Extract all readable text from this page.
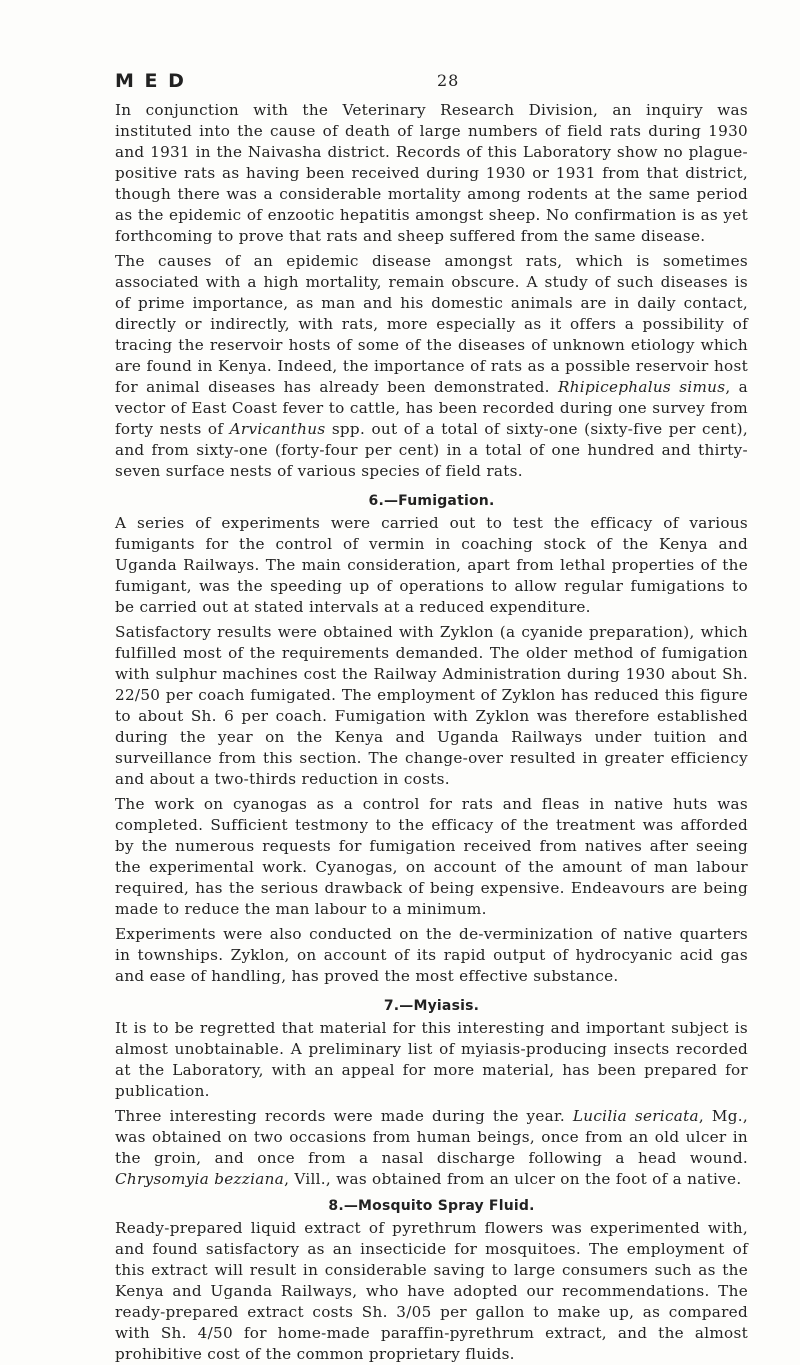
M E D	28

In conjunction with the Veterinary Research Division, an inquiry was instituted into the cause of death of large numbers of field rats during 1930 and 1931 in the Naivasha district. Records of this Laboratory show no plague-positive rats as having been received during 1930 or 1931 from that district, though there was a considerable mortality among rodents at the same period as the epidemic of enzootic hepatitis amongst sheep. No confirmation is as yet forthcoming to prove that rats and sheep suffered from the same disease.

The causes of an epidemic disease amongst rats, which is sometimes associated with a high mortality, remain obscure. A study of such diseases is of prime importance, as man and his domestic animals are in daily contact, directly or indirectly, with rats, more especially as it offers a possibility of tracing the reservoir hosts of some of the diseases of unknown etiology which are found in Kenya. Indeed, the importance of rats as a possible reservoir host for animal diseases has already been demonstrated. Rhipicephalus simus, a vector of East Coast fever to cattle, has been recorded during one survey from forty nests of Arvicanthus spp. out of a total of sixty-one (sixty-five per cent), and from sixty-one (forty-four per cent) in a total of one hundred and thirty-seven surface nests of various species of field rats.

6.—Fumigation.

A series of experiments were carried out to test the efficacy of various fumigants for the control of vermin in coaching stock of the Kenya and Uganda Railways. The main consideration, apart from lethal properties of the fumigant, was the speeding up of operations to allow regular fumigations to be carried out at stated intervals at a reduced expenditure.

Satisfactory results were obtained with Zyklon (a cyanide preparation), which fulfilled most of the requirements demanded. The older method of fumigation with sulphur machines cost the Railway Administration during 1930 about Sh. 22/50 per coach fumigated. The employment of Zyklon has reduced this figure to about Sh. 6 per coach. Fumigation with Zyklon was therefore established during the year on the Kenya and Uganda Railways under tuition and surveillance from this section. The change-over resulted in greater efficiency and about a two-thirds reduction in costs.

The work on cyanogas as a control for rats and fleas in native huts was completed. Sufficient testmony to the efficacy of the treatment was afforded by the numerous requests for fumigation received from natives after seeing the experimental work. Cyanogas, on account of the amount of man labour required, has the serious drawback of being expensive. Endeavours are being made to reduce the man labour to a minimum.

Experiments were also conducted on the de-verminization of native quarters in townships. Zyklon, on account of its rapid output of hydrocyanic acid gas and ease of handling, has proved the most effective substance.

7.—Myiasis.

It is to be regretted that material for this interesting and important subject is almost unobtainable. A preliminary list of myiasis-producing insects recorded at the Laboratory, with an appeal for more material, has been prepared for publication.

Three interesting records were made during the year. Lucilia sericata, Mg., was obtained on two occasions from human beings, once from an old ulcer in the groin, and once from a nasal discharge following a head wound. Chrysomyia bezziana, Vill., was obtained from an ulcer on the foot of a native.

8.—Mosquito Spray Fluid.

Ready-prepared liquid extract of pyrethrum flowers was experimented with, and found satisfactory as an insecticide for mosquitoes. The employment of this extract will result in considerable saving to large consumers such as the Kenya and Uganda Railways, who have adopted our recommendations. The ready-prepared extract costs Sh. 3/05 per gallon to make up, as compared with Sh. 4/50 for home-made paraffin-pyrethrum extract, and the almost prohibitive cost of the common proprietary fluids.
